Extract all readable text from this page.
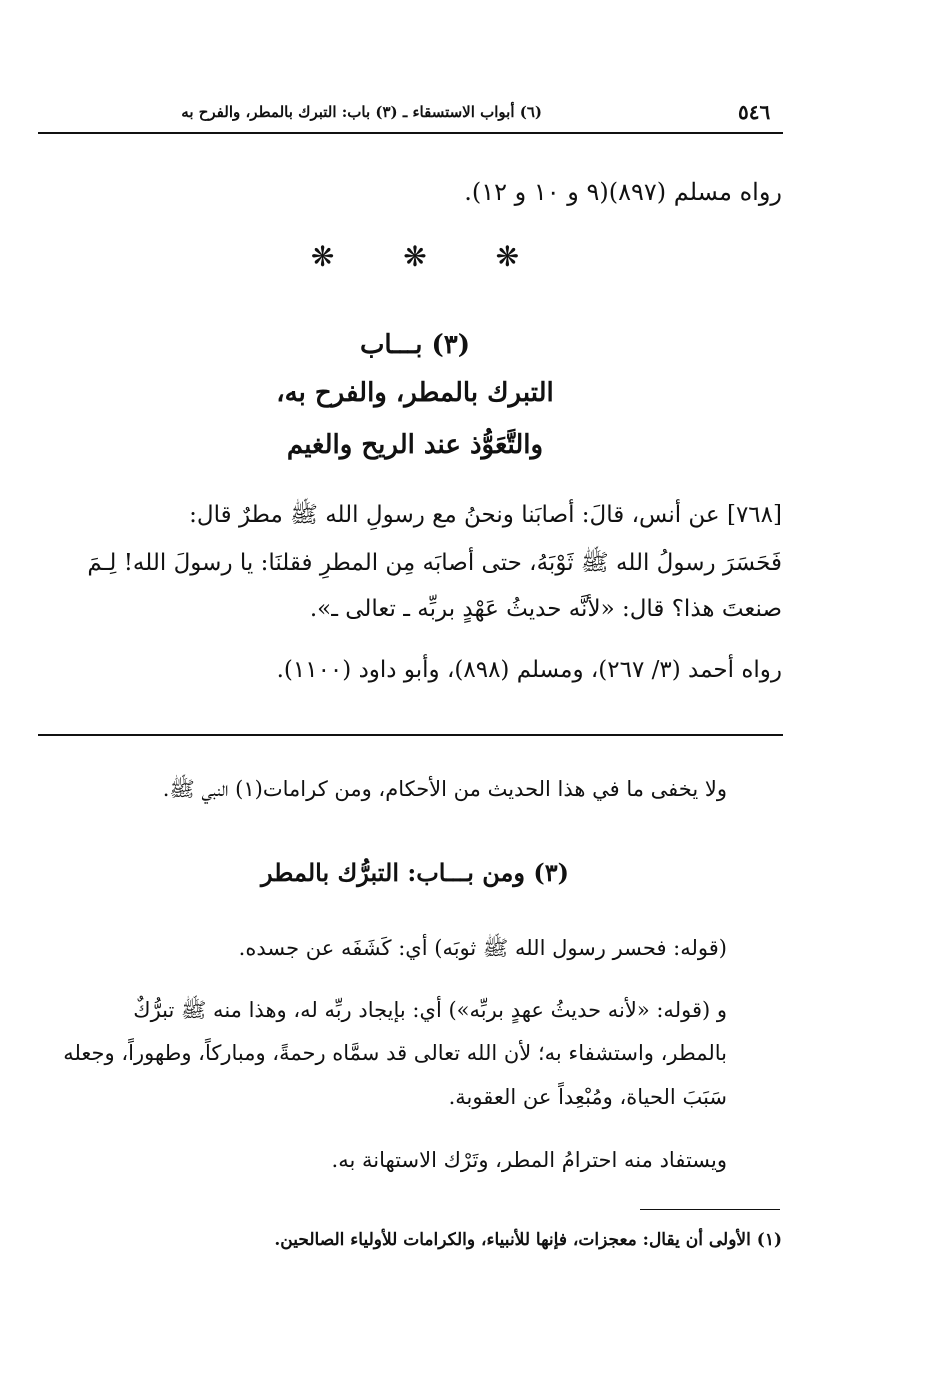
٥٤٦
(٦) أبواب الاستسقاء ـ (٣) باب: التبرك بالمطر، والفرح به
رواه مسلم (٨٩٧)(٩ و ١٠ و ١٢).
❋ ❋ ❋
(٣) بـــاب
التبرك بالمطر، والفرح به،
والتَّعَوُّذ عند الريح والغيم
[٧٦٨] عن أنس، قالَ: أصابَنا ونحنُ مع رسولِ الله ﷺ مطرٌ قال:
فَحَسَرَ رسولُ الله ﷺ ثَوْبَهُ، حتى أصابَه مِن المطرِ فقلنَا: يا رسولَ الله! لِـمَ
صنعتَ هذا؟ قال: «لأنَّه حديثُ عَهْدٍ بربِّه ـ تعالى ـ».
رواه أحمد (٣/ ٢٦٧)، ومسلم (٨٩٨)، وأبو داود (١١٠٠).
ولا يخفى ما في هذا الحديث من الأحكام، ومن كرامات(١) النبي ﷺ.
(٣) ومن بـــاب: التبرُّك بالمطر
(قوله: فحسر رسول الله ﷺ ثوبَه) أي: كَشَفَه عن جسده.
و (قوله: «لأنه حديثُ عهدٍ بربِّه») أي: بإيجاد ربِّه له، وهذا منه ﷺ تبرُّكٌ
بالمطر، واستشفاء به؛ لأن الله تعالى قد سمَّاه رحمةً، ومباركاً، وطهوراً، وجعله
سَبَبَ الحياة، ومُبْعِداً عن العقوبة.
ويستفاد منه احترامُ المطر، وتَرْك الاستهانة به.
(١) الأولى أن يقال: معجزات، فإنها للأنبياء، والكرامات للأولياء الصالحين.
